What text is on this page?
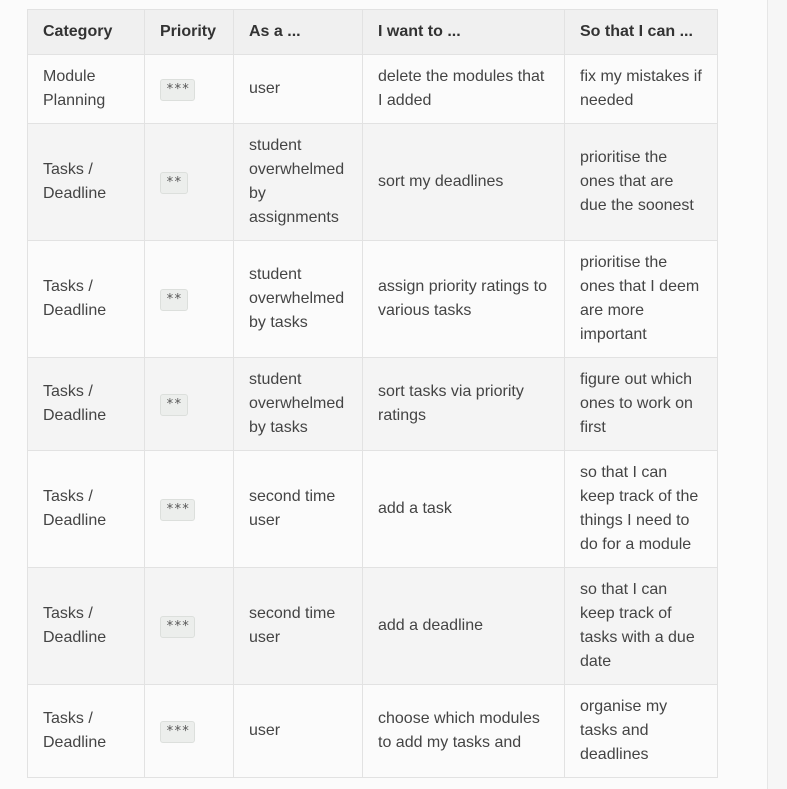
Category	Priority	As a ...	I want to ...	So that I can ...
Module Planning	***	user	delete the modules that I added	fix my mistakes if needed
Tasks / Deadline	**	student overwhelmed by assignments	sort my deadlines	prioritise the ones that are due the soonest
Tasks / Deadline	**	student overwhelmed by tasks	assign priority ratings to various tasks	prioritise the ones that I deem are more important
Tasks / Deadline	**	student overwhelmed by tasks	sort tasks via priority ratings	figure out which ones to work on first
Tasks / Deadline	***	second time user	add a task	so that I can keep track of the things I need to do for a module
Tasks / Deadline	***	second time user	add a deadline	so that I can keep track of tasks with a due date
Tasks / Deadline	***	user	choose which modules to add my tasks and	organise my tasks and deadlines
